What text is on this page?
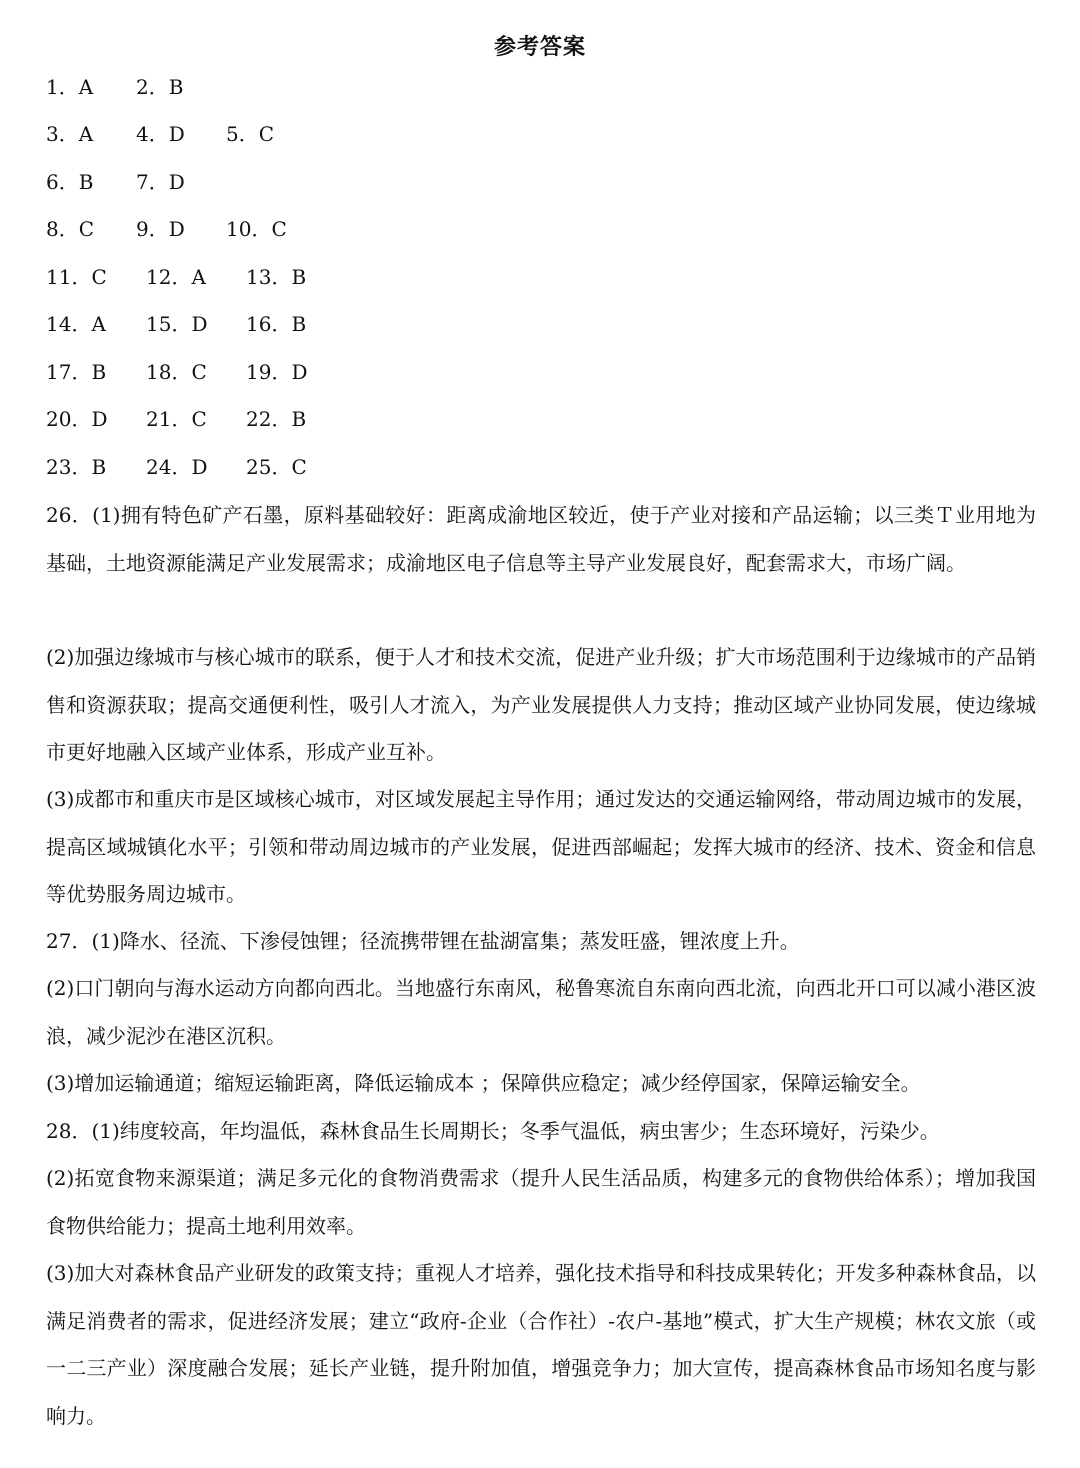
参考答案
1．A 2．B
3．A 4．D 5．C
6．B 7．D
8．C 9．D 10．C
11．C 12．A 13．B
14．A 15．D 16．B
17．B 18．C 19．D
20．D 21．C 22．B
23．B 24．D 25．C
26．(1)拥有特色矿产石墨，原料基础较好：距离成渝地区较近，使于产业对接和产品运输；以三类Ｔ业用地为基础，土地资源能满足产业发展需求；成渝地区电子信息等主导产业发展良好，配套需求大，市场广阔。
(2)加强边缘城市与核心城市的联系，便于人才和技术交流，促进产业升级；扩大市场范围利于边缘城市的产品销售和资源获取；提高交通便利性，吸引人才流入，为产业发展提供人力支持；推动区域产业协同发展，使边缘城市更好地融入区域产业体系，形成产业互补。
(3)成都市和重庆市是区域核心城市，对区域发展起主导作用；通过发达的交通运输网络，带动周边城市的发展，提高区域城镇化水平；引领和带动周边城市的产业发展，促进西部崛起；发挥大城市的经济、技术、资金和信息等优势服务周边城市。
27．(1)降水、径流、下渗侵蚀锂；径流携带锂在盐湖富集；蒸发旺盛，锂浓度上升。
(2)口门朝向与海水运动方向都向西北。当地盛行东南风，秘鲁寒流自东南向西北流，向西北开口可以减小港区波浪，减少泥沙在港区沉积。
(3)增加运输通道；缩短运输距离，降低运输成本 ；保障供应稳定；减少经停国家，保障运输安全。
28．(1)纬度较高，年均温低，森林食品生长周期长；冬季气温低，病虫害少；生态环境好，污染少。
(2)拓宽食物来源渠道；满足多元化的食物消费需求（提升人民生活品质，构建多元的食物供给体系）；增加我国食物供给能力；提高土地利用效率。
(3)加大对森林食品产业研发的政策支持；重视人才培养，强化技术指导和科技成果转化；开发多种森林食品，以满足消费者的需求，促进经济发展；建立“政府-企业（合作社）-农户-基地”模式，扩大生产规模；林农文旅（或一二三产业）深度融合发展；延长产业链，提升附加值，增强竞争力；加大宣传，提高森林食品市场知名度与影响力。
